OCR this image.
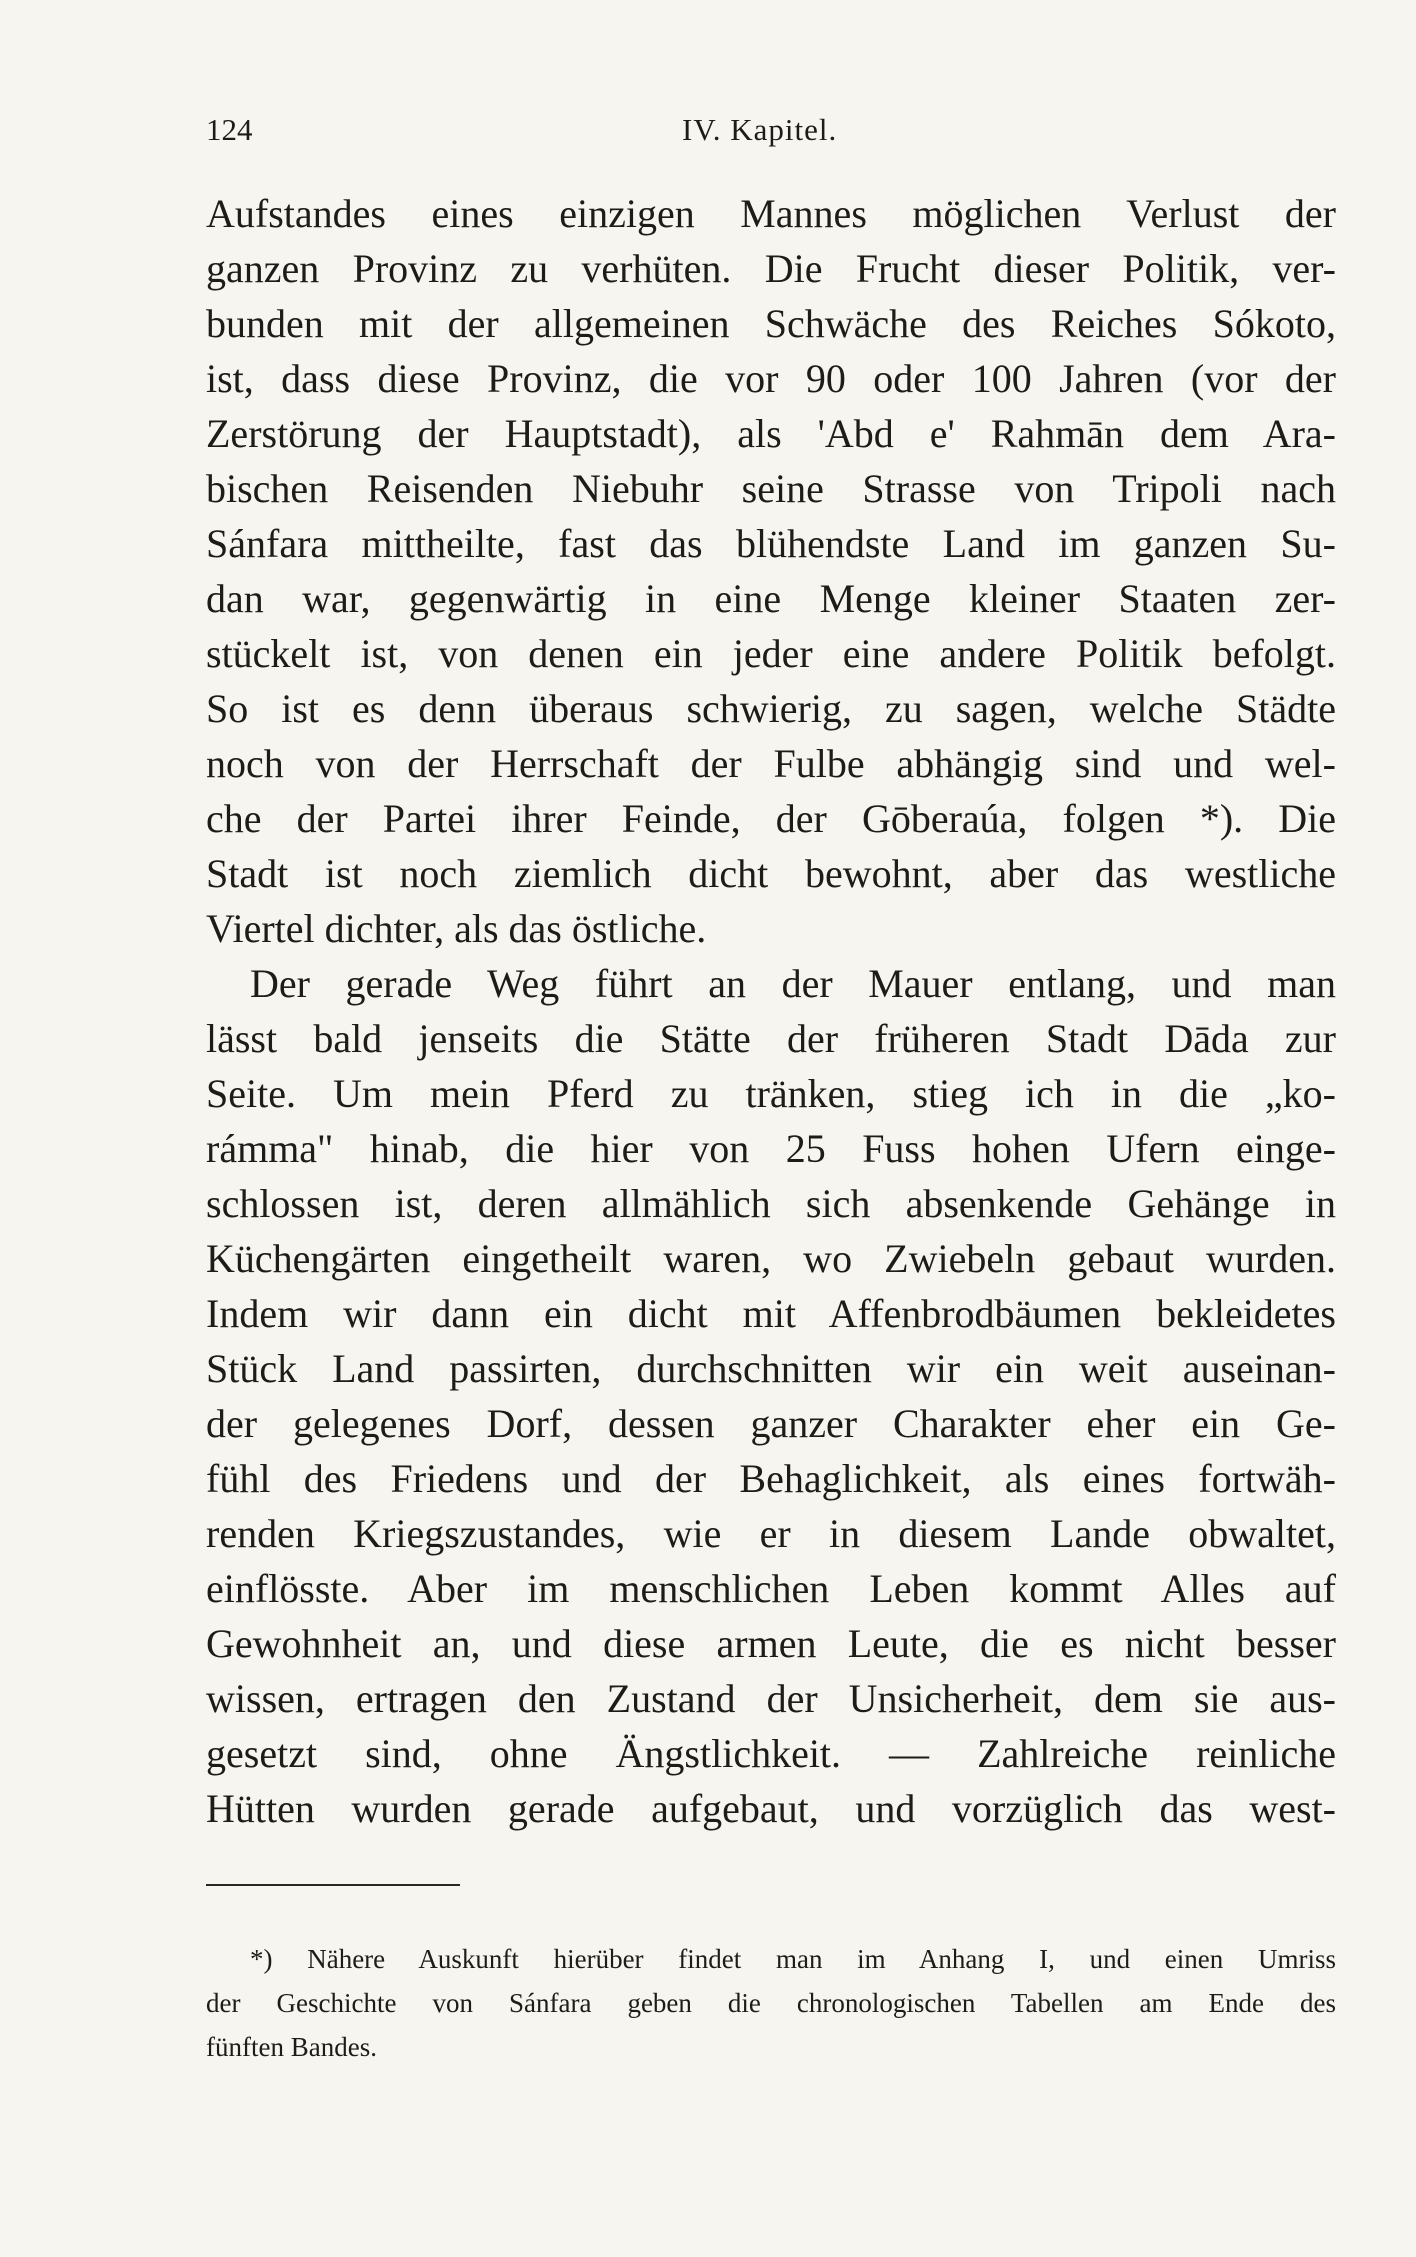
124	IV. Kapitel.
Aufstandes eines einzigen Mannes möglichen Verlust der
ganzen Provinz zu verhüten. Die Frucht dieser Politik, ver-
bunden mit der allgemeinen Schwäche des Reiches Sókoto,
ist, dass diese Provinz, die vor 90 oder 100 Jahren (vor der
Zerstörung der Hauptstadt), als 'Abd e' Rahmān dem Ara-
bischen Reisenden Niebuhr seine Strasse von Tripoli nach
Sánfara mittheilte, fast das blühendste Land im ganzen Su-
dan war, gegenwärtig in eine Menge kleiner Staaten zer-
stückelt ist, von denen ein jeder eine andere Politik befolgt.
So ist es denn überaus schwierig, zu sagen, welche Städte
noch von der Herrschaft der Fulbe abhängig sind und wel-
che der Partei ihrer Feinde, der Gōberaúa, folgen *). Die
Stadt ist noch ziemlich dicht bewohnt, aber das westliche
Viertel dichter, als das östliche.
Der gerade Weg führt an der Mauer entlang, und man
lässt bald jenseits die Stätte der früheren Stadt Dāda zur
Seite. Um mein Pferd zu tränken, stieg ich in die „ko-
rámma" hinab, die hier von 25 Fuss hohen Ufern einge-
schlossen ist, deren allmählich sich absenkende Gehänge in
Küchengärten eingetheilt waren, wo Zwiebeln gebaut wurden.
Indem wir dann ein dicht mit Affenbrodbäumen bekleidetes
Stück Land passirten, durchschnitten wir ein weit auseinan-
der gelegenes Dorf, dessen ganzer Charakter eher ein Ge-
fühl des Friedens und der Behaglichkeit, als eines fortwäh-
renden Kriegszustandes, wie er in diesem Lande obwaltet,
einflösste. Aber im menschlichen Leben kommt Alles auf
Gewohnheit an, und diese armen Leute, die es nicht besser
wissen, ertragen den Zustand der Unsicherheit, dem sie aus-
gesetzt sind, ohne Ängstlichkeit. — Zahlreiche reinliche
Hütten wurden gerade aufgebaut, und vorzüglich das west-
*) Nähere Auskunft hierüber findet man im Anhang I, und einen Umriss
der Geschichte von Sánfara geben die chronologischen Tabellen am Ende des
fünften Bandes.
